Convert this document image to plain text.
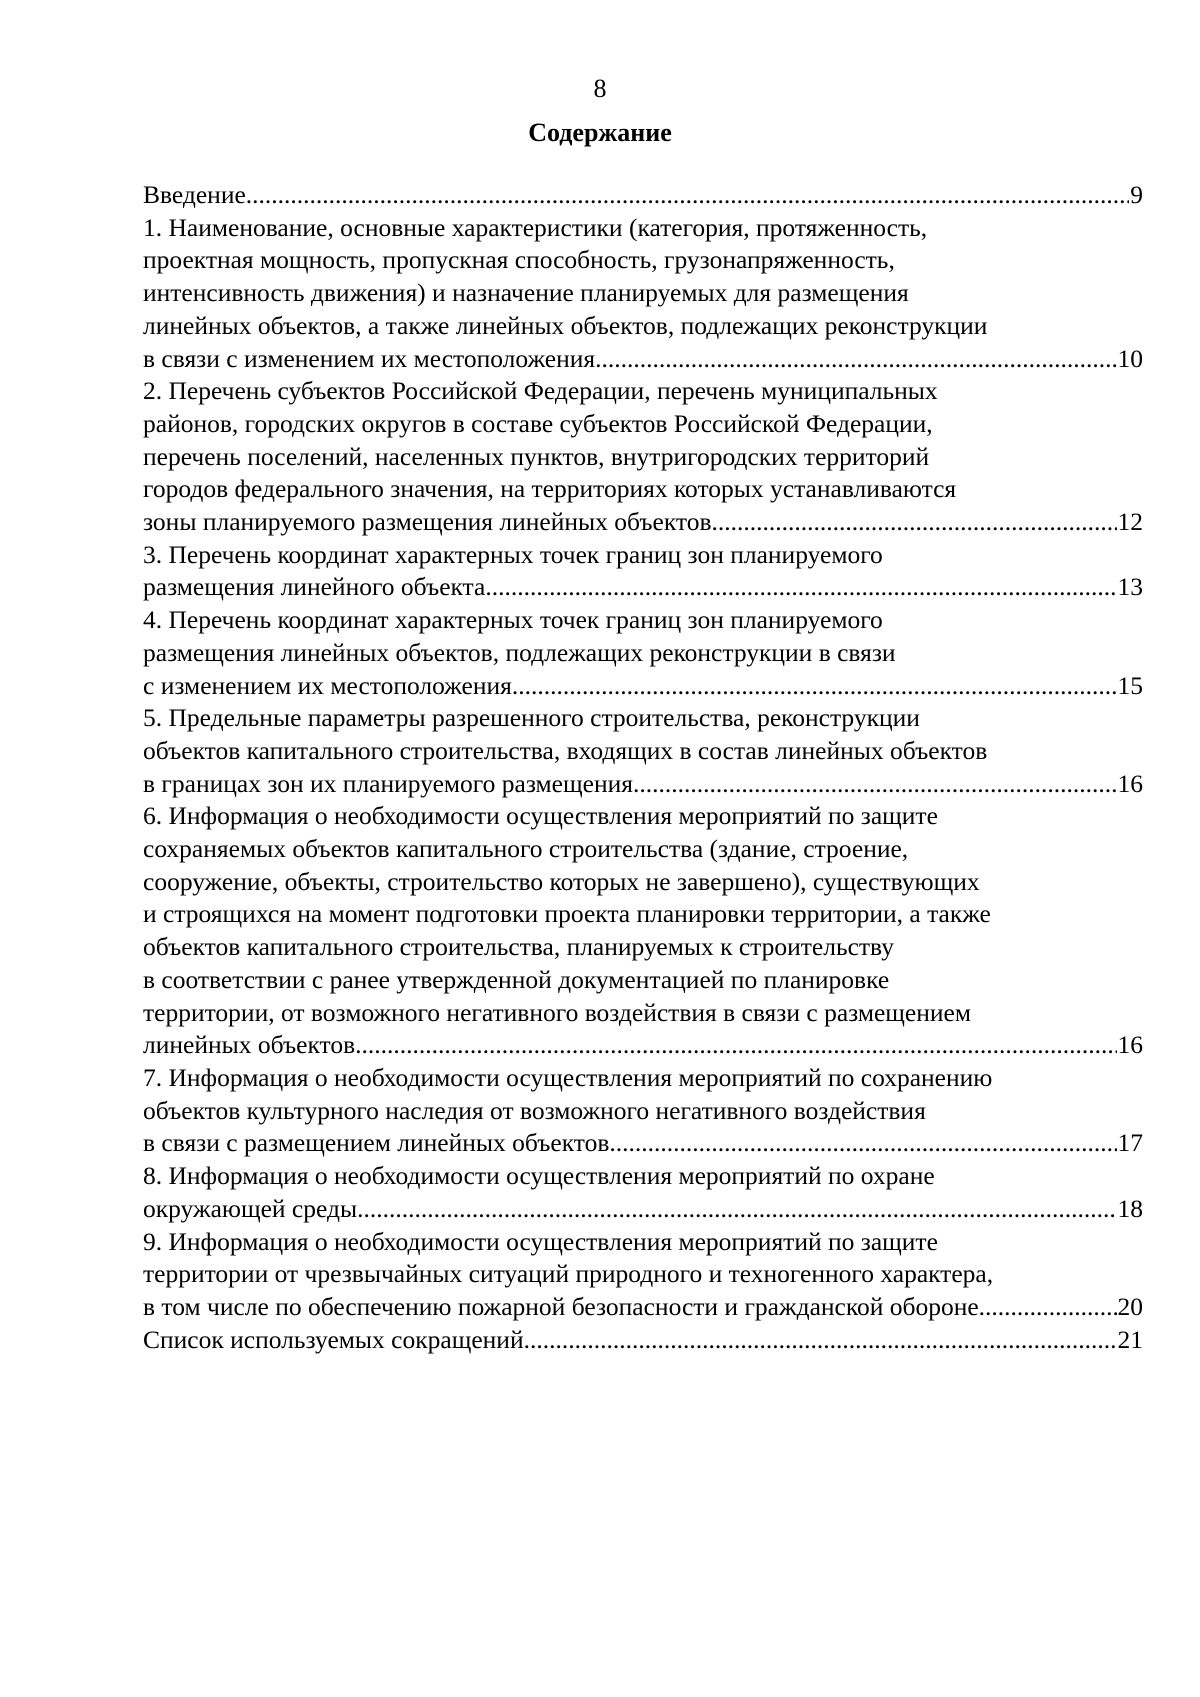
8
Содержание
Введение .....	9
1. Наименование, основные характеристики (категория, протяженность,
проектная мощность, пропускная способность, грузонапряженность,
интенсивность движения) и назначение планируемых для размещения
линейных объектов, а также линейных объектов, подлежащих реконструкции
в связи с изменением их местоположения .....	10
2. Перечень субъектов Российской Федерации, перечень муниципальных
районов, городских округов в составе субъектов Российской Федерации,
перечень поселений, населенных пунктов, внутригородских территорий
городов федерального значения, на территориях которых устанавливаются
зоны планируемого размещения линейных объектов .....	12
3. Перечень координат характерных точек границ зон планируемого
размещения линейного объекта .....	13
4. Перечень координат характерных точек границ зон планируемого
размещения линейных объектов, подлежащих реконструкции в связи
с изменением их местоположения .....	15
5. Предельные параметры разрешенного строительства, реконструкции
объектов капитального строительства, входящих в состав линейных объектов
в границах зон их планируемого размещения .....	16
6. Информация о необходимости осуществления мероприятий по защите
сохраняемых объектов капитального строительства (здание, строение,
сооружение, объекты, строительство которых не завершено), существующих
и строящихся на момент подготовки проекта планировки территории, а также
объектов капитального строительства, планируемых к строительству
в соответствии с ранее утвержденной документацией по планировке
территории, от возможного негативного воздействия в связи с размещением
линейных объектов .....	16
7. Информация о необходимости осуществления мероприятий по сохранению
объектов культурного наследия от возможного негативного воздействия
в связи с размещением линейных объектов .....	17
8. Информация о необходимости осуществления мероприятий по охране
окружающей среды .....	18
9. Информация о необходимости осуществления мероприятий по защите
территории от чрезвычайных ситуаций природного и техногенного характера,
в том числе по обеспечению пожарной безопасности и гражданской обороне .....	20
Список используемых сокращений .....	21
